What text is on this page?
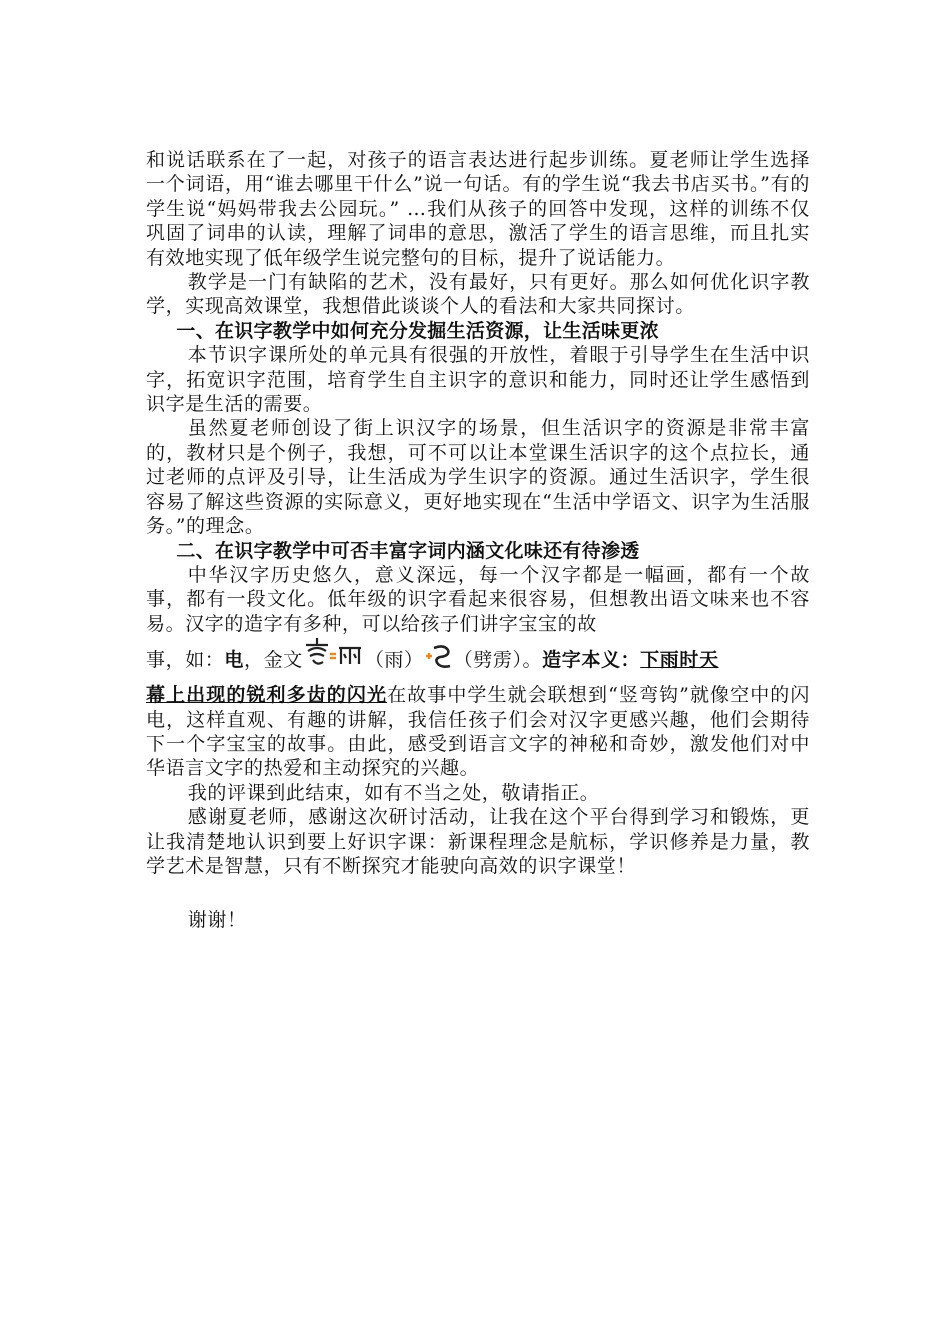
和说话联系在了一起，对孩子的语言表达进行起步训练。夏老师让学生选择一个词语，用“谁去哪里干什么”说一句话。有的学生说“我去书店买书。”有的学生说“妈妈带我去公园玩。” …我们从孩子的回答中发现，这样的训练不仅巩固了词串的认读，理解了词串的意思，激活了学生的语言思维，而且扎实有效地实现了低年级学生说完整句的目标，提升了说话能力。

教学是一门有缺陷的艺术，没有最好，只有更好。那么如何优化识字教学，实现高效课堂，我想借此谈谈个人的看法和大家共同探讨。

一、在识字教学中如何充分发掘生活资源，让生活味更浓

本节识字课所处的单元具有很强的开放性，着眼于引导学生在生活中识字，拓宽识字范围，培育学生自主识字的意识和能力，同时还让学生感悟到识字是生活的需要。

虽然夏老师创设了街上识汉字的场景，但生活识字的资源是非常丰富的，教材只是个例子，我想，可不可以让本堂课生活识字的这个点拉长，通过老师的点评及引导，让生活成为学生识字的资源。通过生活识字，学生很容易了解这些资源的实际意义，更好地实现在“生活中学语文、识字为生活服务。”的理念。

二、在识字教学中可否丰富字词内涵文化味还有待渗透

中华汉字历史悠久，意义深远，每一个汉字都是一幅画，都有一个故事，都有一段文化。低年级的识字看起来很容易，但想教出语文味来也不容易。汉字的造字有多种，可以给孩子们讲字宝宝的故

事，如：电，金文	（雨） （劈雳）。造字本义：下雨时天

幕上出现的锐利多齿的闪光在故事中学生就会联想到“竖弯钩”就像空中的闪电，这样直观、有趣的讲解，我信任孩子们会对汉字更感兴趣，他们会期待下一个字宝宝的故事。由此，感受到语言文字的神秘和奇妙，激发他们对中华语言文字的热爱和主动探究的兴趣。

我的评课到此结束，如有不当之处，敬请指正。

感谢夏老师，感谢这次研讨活动，让我在这个平台得到学习和锻炼，更让我清楚地认识到要上好识字课：新课程理念是航标，学识修养是力量，教学艺术是智慧，只有不断探究才能驶向高效的识字课堂！

谢谢！
